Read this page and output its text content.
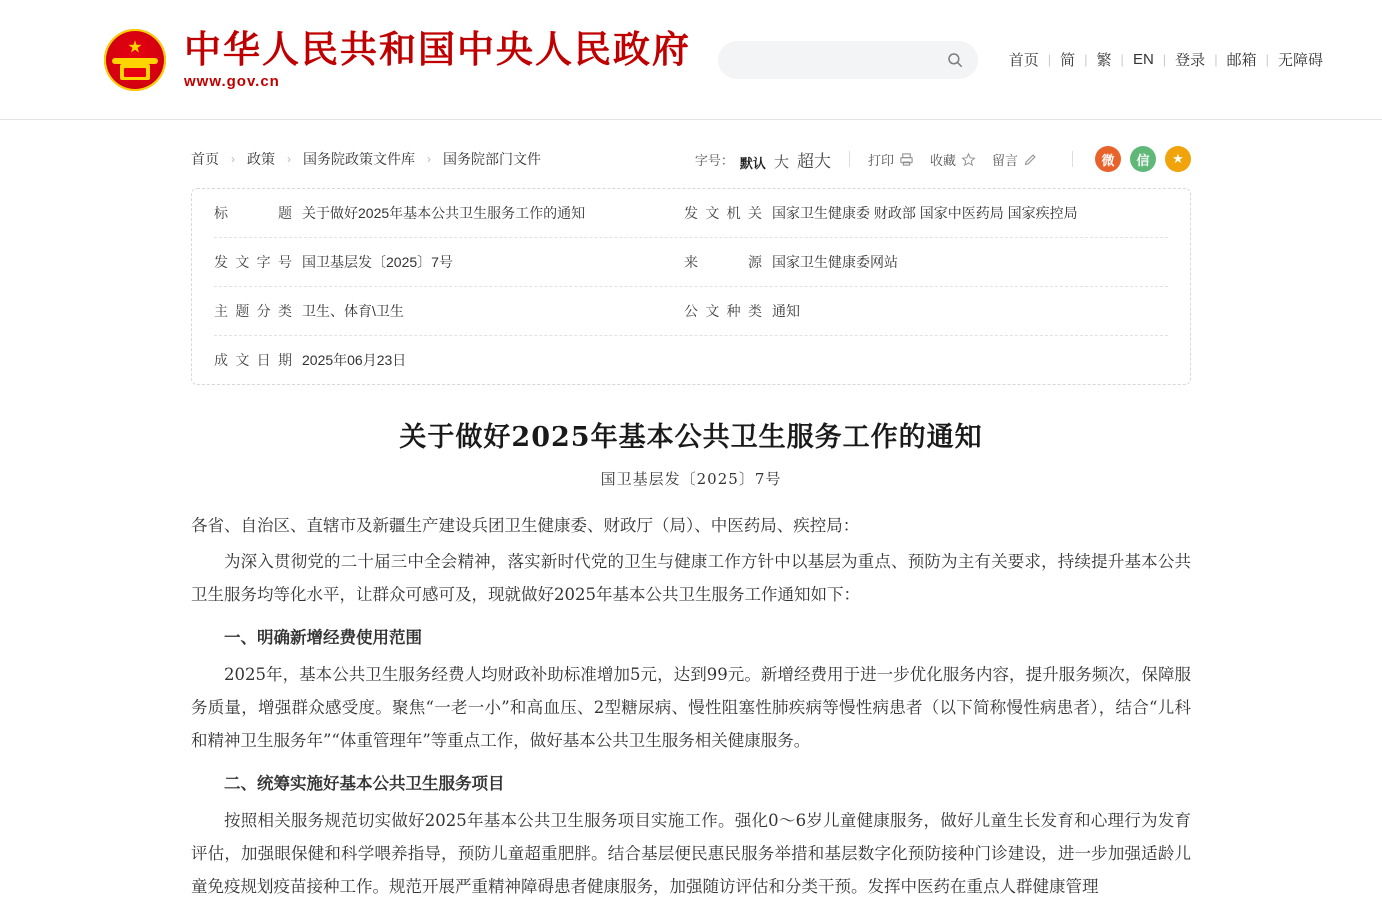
★ 中华人民共和国中央人民政府
www.gov.cn
首页 | 简 | 繁 | EN | 登录 | 邮箱 | 无障碍
首页 › 政策 › 国务院政策文件库 › 国务院部门文件	字号： 默认 大 超大	打印	收藏	留言	微	信	★
标　　题 关于做好2025年基本公共卫生服务工作的通知	发文机关 国家卫生健康委 财政部 国家中医药局 国家疾控局
发文字号 国卫基层发〔2025〕7号	来　　源 国家卫生健康委网站
主题分类 卫生、体育\卫生	公文种类 通知
成文日期 2025年06月23日
关于做好2025年基本公共卫生服务工作的通知
国卫基层发〔2025〕7号

各省、自治区、直辖市及新疆生产建设兵团卫生健康委、财政厅（局）、中医药局、疾控局：

为深入贯彻党的二十届三中全会精神，落实新时代党的卫生与健康工作方针中以基层为重点、预防为主有关要求，持续提升基本公共卫生服务均等化水平，让群众可感可及，现就做好2025年基本公共卫生服务工作通知如下：

一、明确新增经费使用范围

2025年，基本公共卫生服务经费人均财政补助标准增加5元，达到99元。新增经费用于进一步优化服务内容，提升服务频次，保障服务质量，增强群众感受度。聚焦“一老一小”和高血压、2型糖尿病、慢性阻塞性肺疾病等慢性病患者（以下简称慢性病患者），结合“儿科和精神卫生服务年”“体重管理年”等重点工作，做好基本公共卫生服务相关健康服务。

二、统筹实施好基本公共卫生服务项目

按照相关服务规范切实做好2025年基本公共卫生服务项目实施工作。强化0～6岁儿童健康服务，做好儿童生长发育和心理行为发育评估，加强眼保健和科学喂养指导，预防儿童超重肥胖。结合基层便民惠民服务举措和基层数字化预防接种门诊建设，进一步加强适龄儿童免疫规划疫苗接种工作。规范开展严重精神障碍患者健康服务，加强随访评估和分类干预。发挥中医药在重点人群健康管理
